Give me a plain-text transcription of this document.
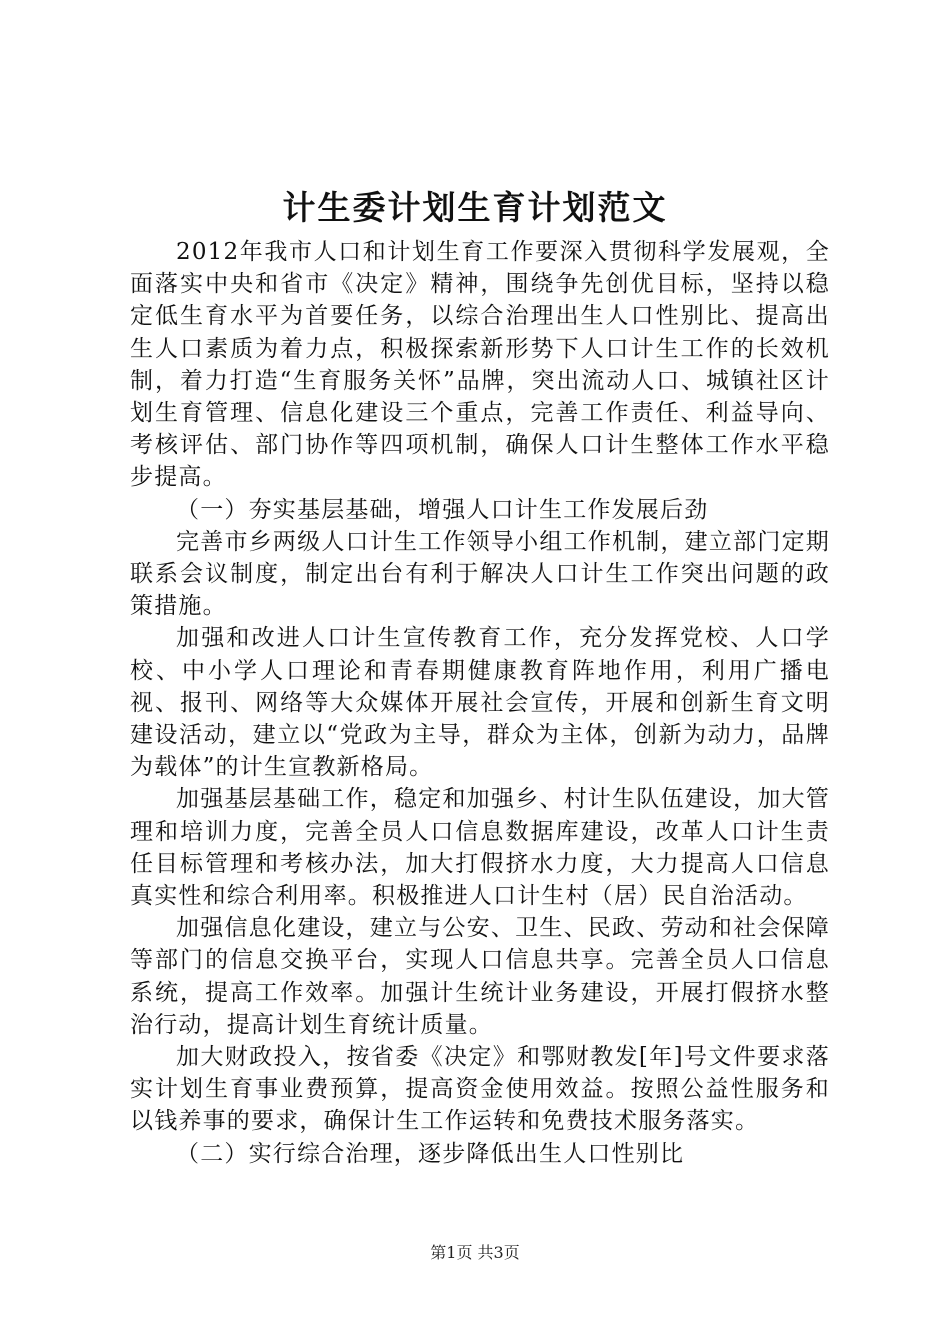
计生委计划生育计划范文

2012年我市人口和计划生育工作要深入贯彻科学发展观，全面落实中央和省市《决定》精神，围绕争先创优目标，坚持以稳定低生育水平为首要任务，以综合治理出生人口性别比、提高出生人口素质为着力点，积极探索新形势下人口计生工作的长效机制，着力打造“生育服务关怀”品牌，突出流动人口、城镇社区计划生育管理、信息化建设三个重点，完善工作责任、利益导向、考核评估、部门协作等四项机制，确保人口计生整体工作水平稳步提高。

（一）夯实基层基础，增强人口计生工作发展后劲

完善市乡两级人口计生工作领导小组工作机制，建立部门定期联系会议制度，制定出台有利于解决人口计生工作突出问题的政策措施。

加强和改进人口计生宣传教育工作，充分发挥党校、人口学校、中小学人口理论和青春期健康教育阵地作用，利用广播电视、报刊、网络等大众媒体开展社会宣传，开展和创新生育文明建设活动，建立以“党政为主导，群众为主体，创新为动力，品牌为载体”的计生宣教新格局。

加强基层基础工作，稳定和加强乡、村计生队伍建设，加大管理和培训力度，完善全员人口信息数据库建设，改革人口计生责任目标管理和考核办法，加大打假挤水力度，大力提高人口信息真实性和综合利用率。积极推进人口计生村（居）民自治活动。

加强信息化建设，建立与公安、卫生、民政、劳动和社会保障等部门的信息交换平台，实现人口信息共享。完善全员人口信息系统，提高工作效率。加强计生统计业务建设，开展打假挤水整治行动，提高计划生育统计质量。

加大财政投入，按省委《决定》和鄂财教发[年]号文件要求落实计划生育事业费预算，提高资金使用效益。按照公益性服务和以钱养事的要求，确保计生工作运转和免费技术服务落实。

（二）实行综合治理，逐步降低出生人口性别比

第1页 共3页
